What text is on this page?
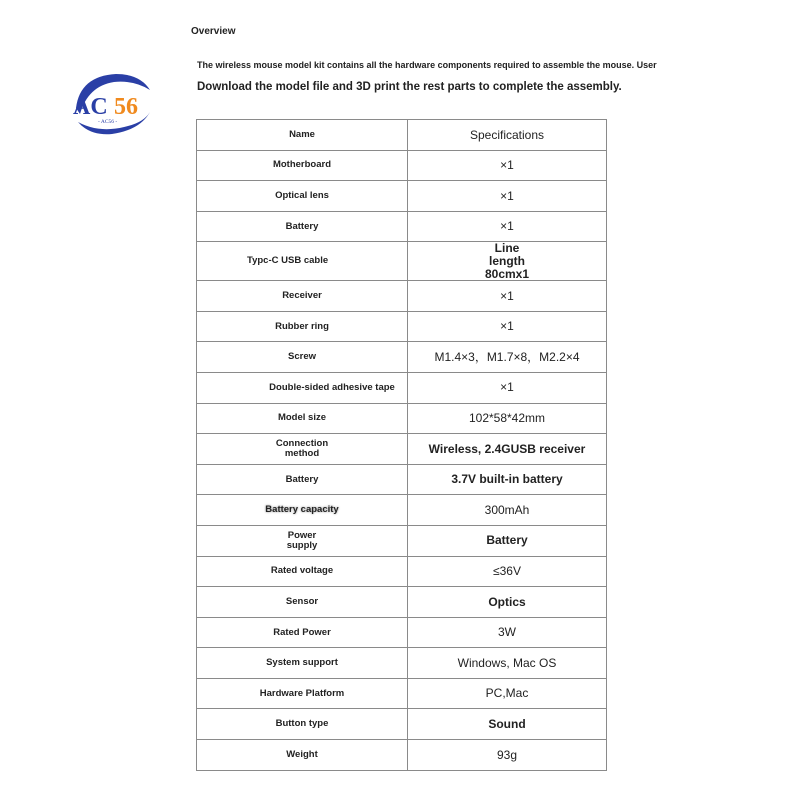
AC 56
- AC56 -
Overview
The wireless mouse model kit contains all the hardware components required to assemble the mouse. User
Download the model file and 3D print the rest parts to complete the assembly.
Name	Specifications
Motherboard	×1
Optical lens	×1
Battery	×1

Typc-C USB cable	Line length 80cmx1

Receiver	×1
Rubber ring	×1
Screw	M1.4×3，M1.7×8，M2.2×4
Double-sided adhesive tape	×1
Model size	102*58*42mm

Connection method	Wireless, 2.4GUSB receiver
Battery	3.7V built-in battery
Battery capacity	300mAh

Power supply	Battery
Rated voltage	≤36V
Sensor	Optics
Rated Power	3W
System support	Windows, Mac OS
Hardware Platform	PC,Mac
Button type	Sound
Weight	93g
